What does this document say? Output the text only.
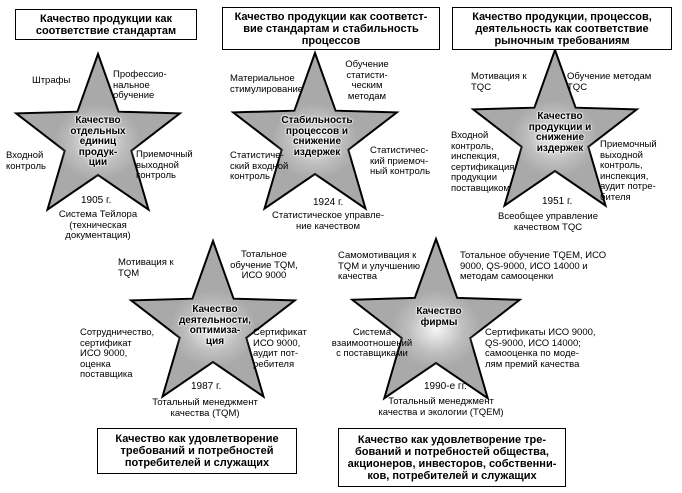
Качество продукции как
соответствие стандартам
Качество продукции как соответст-
вие стандартам и стабильность
процессов
Качество продукции, процессов,
деятельность как соответствие
рыночным требованиям
Качество как удовлетворение
требований и потребностей
потребителей и служащих
Качество как удовлетворение тре-
бований и потребностей общества,
акционеров, инвесторов, собственни-
ков, потребителей и служащих
Качество
отдельных
единиц
продук-
ции
Штрафы
Профессио-
нальное
обучение
Входной
контроль
Приемочный
выходной
контроль
Система Тейлора
(техническая
документация)
1905 г.
Стабильность
процессов и
снижение
издержек
Материальное
стимулирование
Обучение
статисти-
ческим
методам
Статистиче-
ский входной
контроль
Статистичес-
кий приемоч-
ный контроль
Статистическое управле-
ние качеством
1924 г.
Качество
продукции и
снижение
издержек
Мотивация к
TQC
Обучение методам
TQC
Входной
контроль,
инспекция,
сертификация
продукции
поставщиком
Приемочный
выходной
контроль,
инспекция,
аудит потре-
бителя
Всеобщее управление
качеством TQC
1951 г.
Качество
деятельности,
оптимиза-
ция
Мотивация к
TQM
Тотальное
обучение TQM,
ИСО 9000
Сотрудничество,
сертификат
ИСО 9000,
оценка
поставщика
Сертификат
ИСО 9000,
аудит пот-
ребителя
Тотальный менеджмент
качества (TQM)
1987 г.
Качество
фирмы
Самомотивация к
TQM и улучшению
качества
Тотальное обучение TQEM, ИСО
9000, QS-9000, ИСО 14000 и
методам самооценки
Система
взаимоотношений
с поставщиками
Сертификаты ИСО 9000,
QS-9000, ИСО 14000;
самооценка по моде-
лям премий качества
Тотальный менеджмент
качества и экологии (TQEM)
1990-е гг.
